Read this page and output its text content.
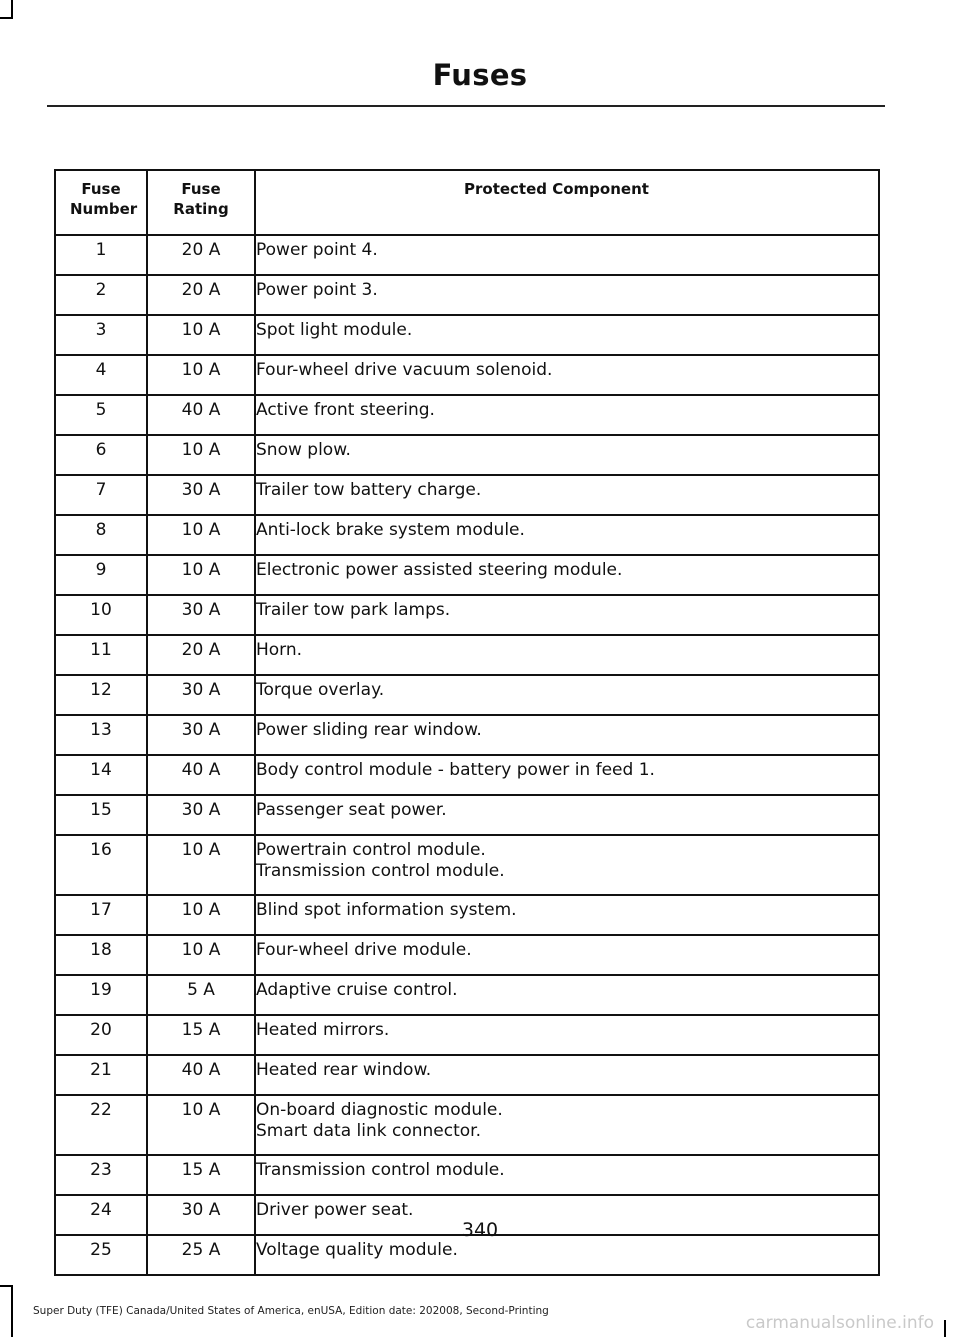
Fuses
Fuse Number	Fuse Rating	Protected Component
1	20 A	Power point 4.

2	20 A	Power point 3.

3	10 A	Spot light module.

4	10 A	Four-wheel drive vacuum solenoid.

5	40 A	Active front steering.

6	10 A	Snow plow.

7	30 A	Trailer tow battery charge.

8	10 A	Anti-lock brake system module.

9	10 A	Electronic power assisted steering module.

10	30 A	Trailer tow park lamps.

11	20 A	Horn.

12	30 A	Torque overlay.

13	30 A	Power sliding rear window.

14	40 A	Body control module - battery power in feed 1.

15	30 A	Passenger seat power.

16	10 A	Powertrain control module.
Transmission control module.

17	10 A	Blind spot information system.

18	10 A	Four-wheel drive module.

19	5 A	Adaptive cruise control.

20	15 A	Heated mirrors.

21	40 A	Heated rear window.

22	10 A	On-board diagnostic module.
Smart data link connector.

23	15 A	Transmission control module.

24	30 A	Driver power seat.

25	25 A	Voltage quality module.
340
Super Duty (TFE) Canada/United States of America, enUSA, Edition date: 202008, Second-Printing
carmanualsonline.info
